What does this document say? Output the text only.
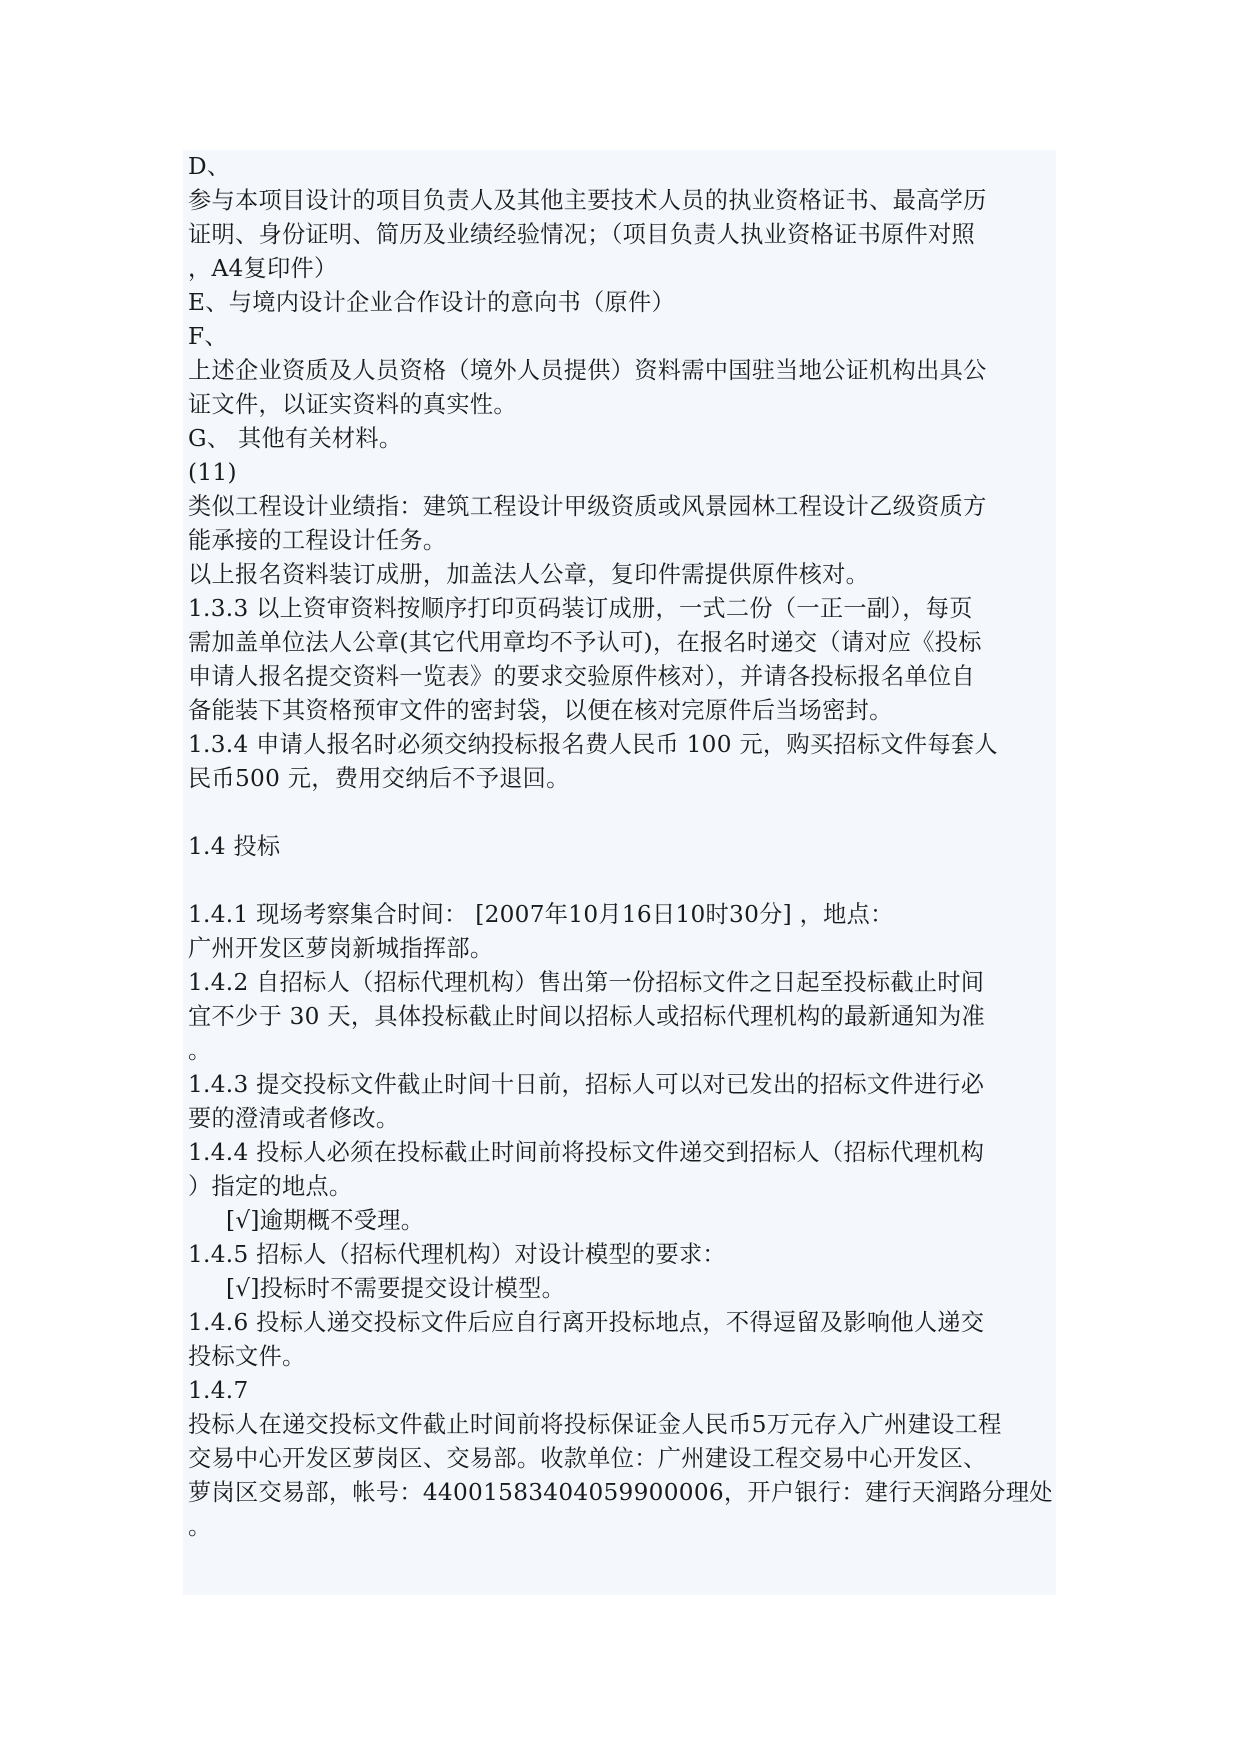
D、
参与本项目设计的项目负责人及其他主要技术人员的执业资格证书、最高学历
证明、身份证明、简历及业绩经验情况；（项目负责人执业资格证书原件对照
，A4复印件）
E、与境内设计企业合作设计的意向书（原件）
F、
上述企业资质及人员资格（境外人员提供）资料需中国驻当地公证机构出具公
证文件，以证实资料的真实性。
G、 其他有关材料。
(11)
类似工程设计业绩指：建筑工程设计甲级资质或风景园林工程设计乙级资质方
能承接的工程设计任务。
以上报名资料装订成册，加盖法人公章，复印件需提供原件核对。
1.3.3 以上资审资料按顺序打印页码装订成册，一式二份（一正一副），每页
需加盖单位法人公章(其它代用章均不予认可)，在报名时递交（请对应《投标
申请人报名提交资料一览表》的要求交验原件核对），并请各投标报名单位自
备能装下其资格预审文件的密封袋，以便在核对完原件后当场密封。
1.3.4 申请人报名时必须交纳投标报名费人民币 100 元，购买招标文件每套人
民币500 元，费用交纳后不予退回。
1.4 投标
1.4.1 现场考察集合时间： [2007年10月16日10时30分] ，地点：
广州开发区萝岗新城指挥部。
1.4.2 自招标人（招标代理机构）售出第一份招标文件之日起至投标截止时间
宜不少于 30 天，具体投标截止时间以招标人或招标代理机构的最新通知为准
。
1.4.3 提交投标文件截止时间十日前，招标人可以对已发出的招标文件进行必
要的澄清或者修改。
1.4.4 投标人必须在投标截止时间前将投标文件递交到招标人（招标代理机构
）指定的地点。
[√]逾期概不受理。
1.4.5 招标人（招标代理机构）对设计模型的要求：
[√]投标时不需要提交设计模型。
1.4.6 投标人递交投标文件后应自行离开投标地点，不得逗留及影响他人递交
投标文件。
1.4.7
投标人在递交投标文件截止时间前将投标保证金人民币5万元存入广州建设工程
交易中心开发区萝岗区、交易部。收款单位：广州建设工程交易中心开发区、
萝岗区交易部，帐号：44001583404059900006，开户银行：建行天润路分理处
。
